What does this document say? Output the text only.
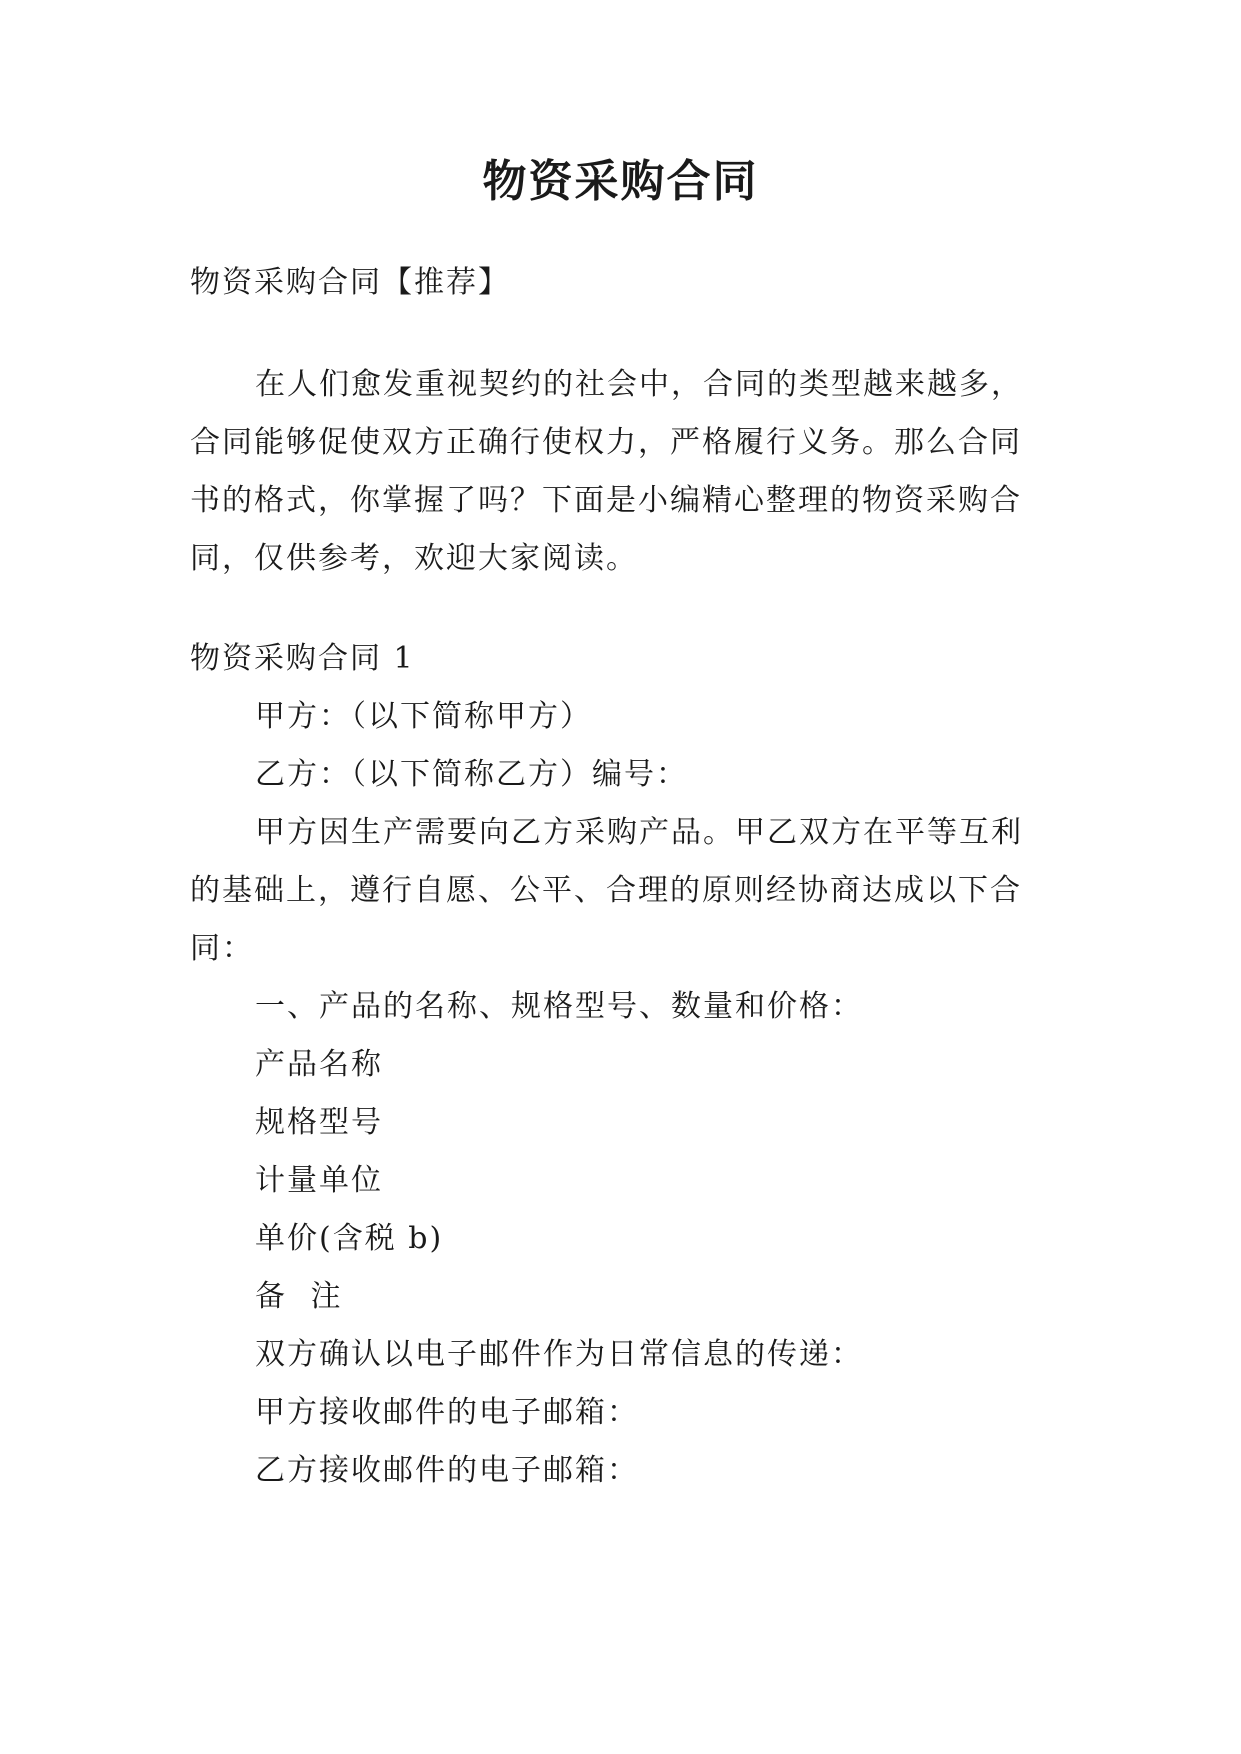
物资采购合同
物资采购合同【推荐】
在人们愈发重视契约的社会中，合同的类型越来越多，
合同能够促使双方正确行使权力，严格履行义务。那么合同
书的格式，你掌握了吗？下面是小编精心整理的物资采购合
同，仅供参考，欢迎大家阅读。
物资采购合同 1
甲方：（以下简称甲方）
乙方：（以下简称乙方）编号：
甲方因生产需要向乙方采购产品。甲乙双方在平等互利
的基础上，遵行自愿、公平、合理的原则经协商达成以下合
同：
一、产品的名称、规格型号、数量和价格：
产品名称
规格型号
计量单位
单价(含税 b)
备 注
双方确认以电子邮件作为日常信息的传递：
甲方接收邮件的电子邮箱：
乙方接收邮件的电子邮箱：
